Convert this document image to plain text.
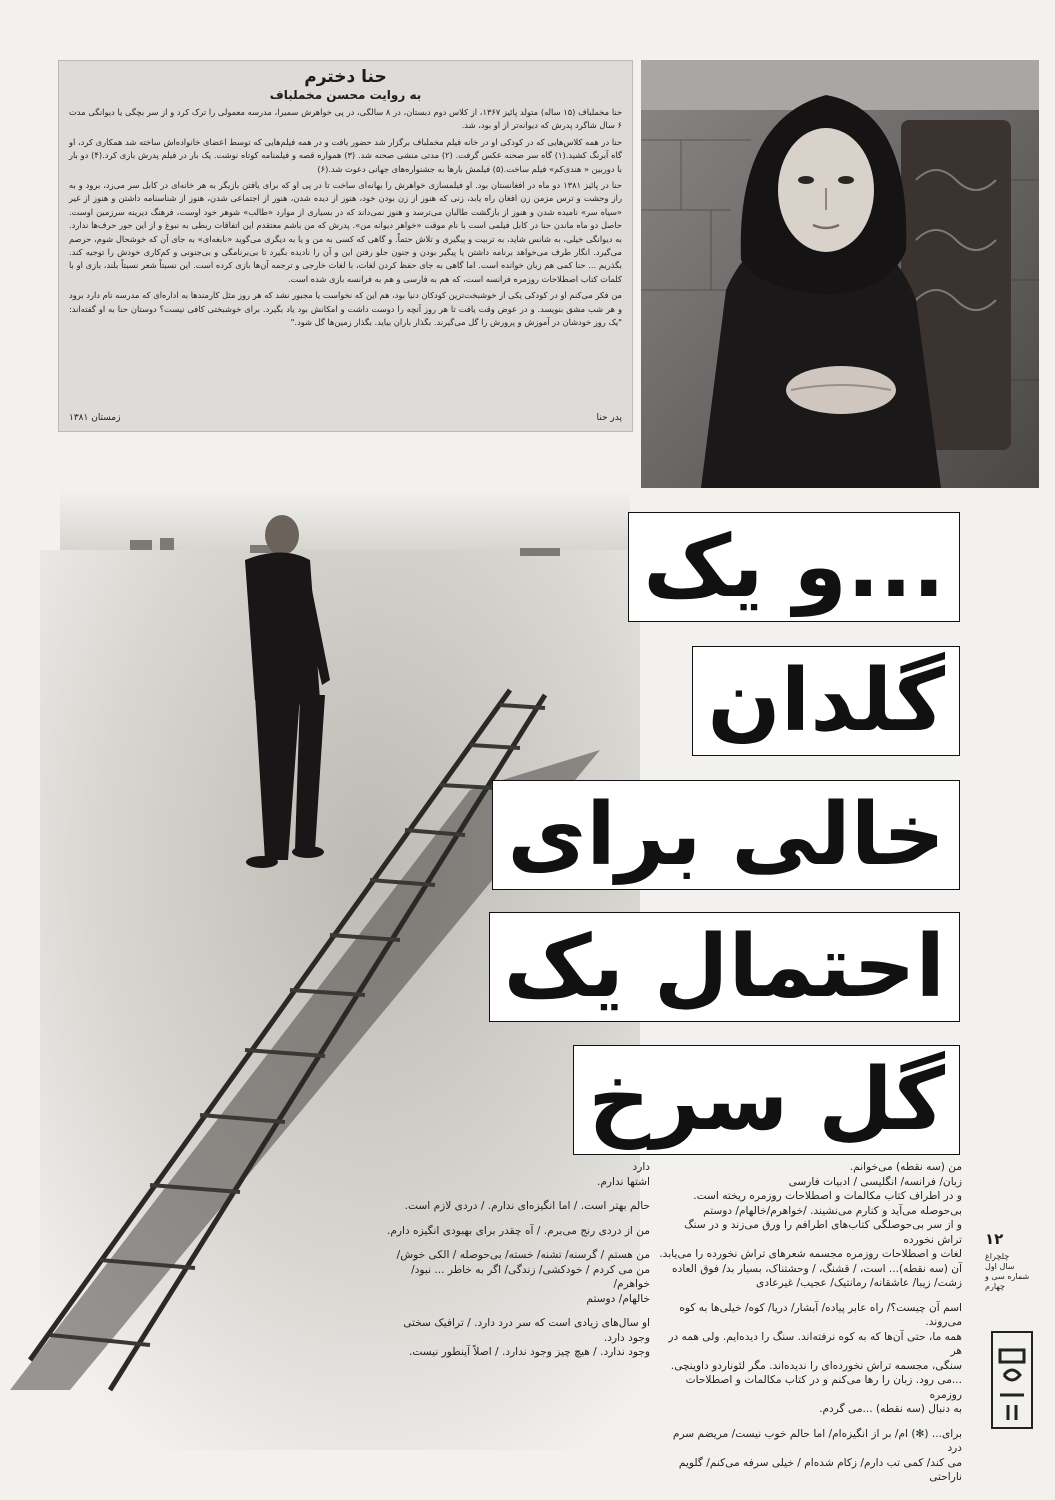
حنا دخترم
به روایت محسن مخملباف

حنا مخملباف (۱۵ ساله) متولد پائیز ۱۳۶۷، از کلاس دوم دبستان، در ۸ سالگی، در پی خواهرش سمیرا، مدرسه معمولی را ترک کرد و از سر بچگی یا دیوانگی مدت ۶ سال شاگرد پدرش که دیوانه‌تر از او بود، شد.

حنا در همه کلاس‌هایی که در کودکی او در خانه فیلم مخملباف برگزار شد حضور یافت و در همه فیلم‌هایی که توسط اعضای خانواده‌اش ساخته شد همکاری کرد، او گاه آبرنگ کشید.(۱) گاه سر صحنه عکس گرفت. (۲) مدتی منشی صحنه شد. (۳) همواره قصه و فیلمنامه کوتاه نوشت. یک بار در فیلم پدرش بازی کرد.(۴) دو بار با دوربین « هندی‌کم» فیلم ساخت.(۵) فیلمش بارها به جشنواره‌های جهانی دعوت شد.(۶)

حنا در پائیز ۱۳۸۱ دو ماه در افغانستان بود. او فیلمسازی خواهرش را بهانه‌ای ساخت تا در پی او که برای یافتن بازیگر به هر خانه‌ای در کابل سر می‌زد، برود و به راز وحشت و ترس مزمن زن افغان راه یابد، زنی که هنوز از زن بودن خود، هنوز از دیده شدن، هنوز از اجتماعی شدن، هنوز از شناسنامه داشتن و هنوز از غیر «سیاه سر» نامیده شدن و هنوز از بازگشت طالبان می‌ترسد و هنوز نمی‌داند که در بسیاری از موارد «طالب» شوهر خود اوست، فرهنگ دیرینه سرزمین اوست. حاصل دو ماه ماندن حنا در کابل فیلمی است با نام موقت «خواهر دیوانه من». پدرش که من باشم معتقدم این اتفاقات ربطی به نبوغ و از این جور حرف‌ها ندارد. به دیوانگی خیلی، به شانس شاید، به تربیت و پیگیری و تلاش حتماً. و گاهی که کسی به من و یا به دیگری می‌گوید «نابغه‌ای» به جای آن که خوشحال شوم، حرصم می‌گیرد. انگار طرف می‌خواهد برنامه داشتن یا پیگیر بودن و جنون جلو رفتن این و آن را نادیده بگیرد تا بی‌برنامگی و بی‌جنونی و کم‌کاری خودش را توجیه کند. بگذریم ... حنا کمی هم زبان خوانده است. اما گاهی به جای حفظ کردن لغات، با لغات خارجی و ترجمه آن‌ها بازی کرده است. این نسبتاً شعر نسبتاً بلند، بازی او با کلمات کتاب اصطلاحات روزمره فرانسه است، که هم به فارسی و هم به فرانسه بازی شده است.

من فکر می‌کنم او در کودکی یکی از خوشبخت‌ترین کودکان دنیا بود، هم این که نخواست یا مجبور نشد که هر روز مثل کارمندها به اداره‌ای که مدرسه نام دارد برود و هر شب مشق بنویسد. و در عوض وقت یافت تا هر روز آنچه را دوست داشت و امکانش بود یاد بگیرد. برای خوشبختی کافی نیست؟ دوستان حنا به او گفته‌اند: "یک روز خودشان در آموزش و پرورش را گل می‌گیرند. بگذار باران بیاید. بگذار زمین‌ها گل شود."

پدر حنا
زمستان ۱۳۸۱
...و یک
گلدان
خالی برای
احتمال یک
گل سرخ

من (سه نقطه) می‌خوانم.
زبان/ فرانسه/ انگلیسی / ادبیات فارسی
و در اطراف کتاب مکالمات و اصطلاحات روزمره ریخته است.
بی‌حوصله می‌آید و کنارم می‌نشیند. /خواهرم/خالهام/ دوستم
و از سر بی‌حوصلگی کتاب‌های اطرافم را ورق می‌زند و در سنگ تراش نخورده
لغات و اصطلاحات روزمره مجسمه شعرهای تراش نخورده را می‌یابد.
آن (سه نقطه)... است، / قشنگ، / وحشتناک، بسیار بد/ فوق العاده
زشت/ زیبا/ عاشقانه/ رمانتیک/ عجیب/ غیرعادی

اسم آن چیست؟/ راه عابر پیاده/ آبشار/ دریا/ کوه/ خیلی‌ها به کوه می‌روند.
همه ما، حتی آن‌ها که به کوه نرفته‌اند. سنگ را دیده‌ایم. ولی همه در هر
سنگی، مجسمه تراش نخورده‌ای را ندیده‌اند. مگر لئوناردو داوینچی.
...می رود. زبان را رها می‌کنم و در کتاب مکالمات و اصطلاحات روزمره
به دنبال (سه نقطه) ...می گردم.

برای... (✻) ام/ بر از انگیزه‌ام/ اما حالم خوب نیست/ مریضم سرم درد
می کند/ کمی تب دارم/ زکام شده‌ام / خیلی سرفه می‌کنم/ گلویم ناراحتی

دارد
اشتها ندارم.

حالم بهتر است. / اما انگیزه‌ای ندارم. / دردی لازم است.

من از دردی رنج می‌برم. / آه چقدر برای بهبودی انگیزه دارم.

من هستم / گرسنه/ تشنه/ خسته/ بی‌حوصله / الکی خوش/
من می کردم / خودکشی/ زندگی/ اگر به خاطر ... نبود/ خواهرم/
خالهام/ دوستم

او سال‌های زیادی است که سر درد دارد. / ترافیک سختی وجود دارد.
وجود ندارد. / هیچ چیز وجود ندارد. / اصلاً آینطور نیست.

۱۲
چلچراغ
سال اول
شماره سی و چهارم
